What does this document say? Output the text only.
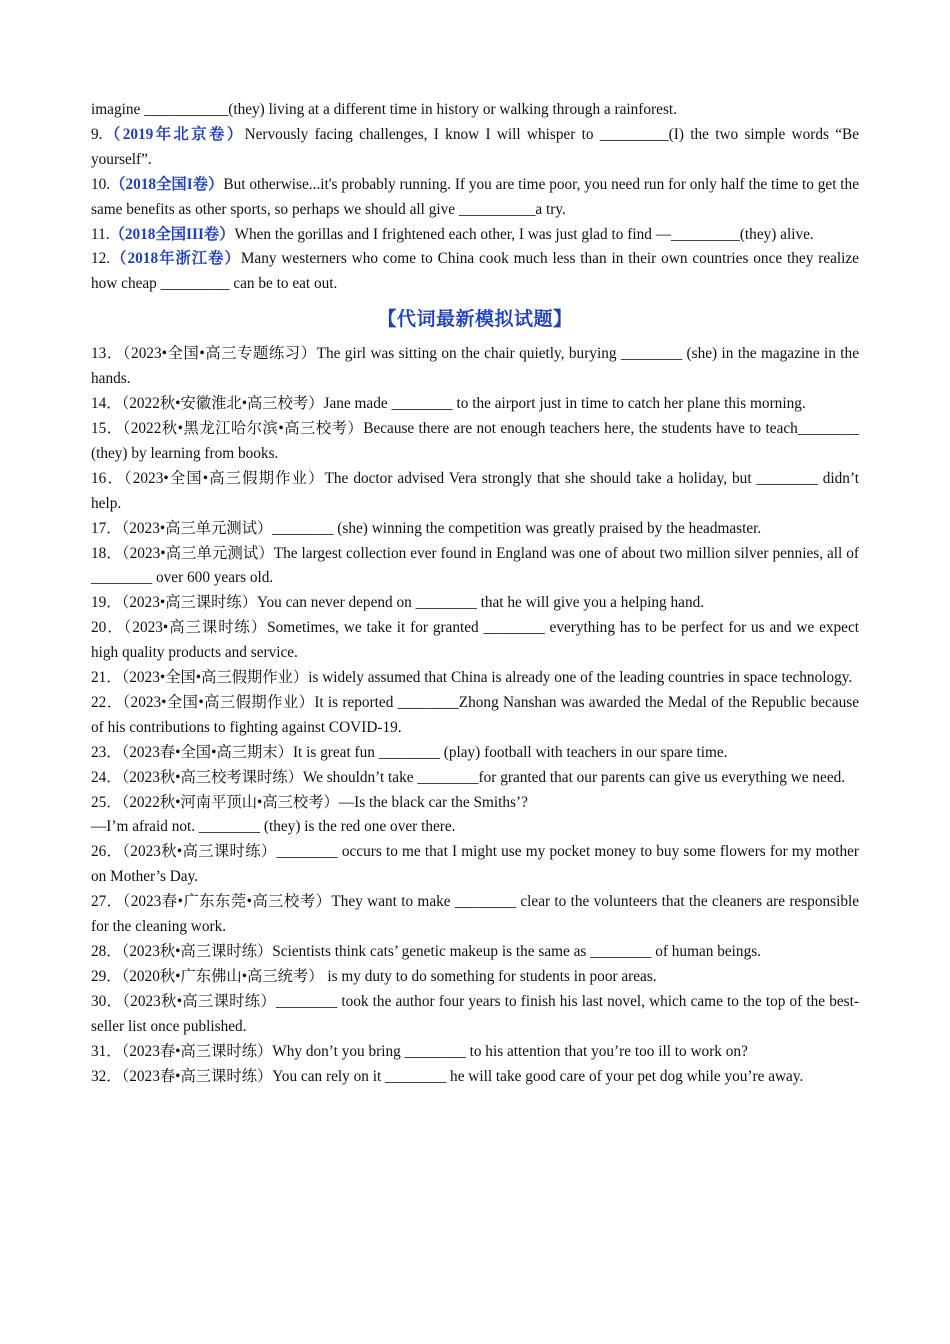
imagine ___________(they) living at a different time in history or walking through a rainforest.

9.（2019年北京卷）Nervously facing challenges, I know I will whisper to _________(I) the two simple words “Be yourself”.

10.（2018全国I卷）But otherwise...it's probably running. If you are time poor, you need run for only half the time to get the same benefits as other sports, so perhaps we should all give __________a try.

11.（2018全国III卷）When the gorillas and I frightened each other, I was just glad to find —_________(they) alive.

12.（2018年浙江卷）Many westerners who come to China cook much less than in their own countries once they realize how cheap _________ can be to eat out.

【代词最新模拟试题】

13．（2023•全国•高三专题练习）The girl was sitting on the chair quietly, burying ________ (she) in the magazine in the hands.

14．（2022秋•安徽淮北•高三校考）Jane made ________ to the airport just in time to catch her plane this morning.

15．（2022秋•黑龙江哈尔滨•高三校考）Because there are not enough teachers here, the students have to teach________ (they) by learning from books.

16．（2023•全国•高三假期作业）The doctor advised Vera strongly that she should take a holiday, but ________ didn’t help.

17．（2023•高三单元测试）________ (she) winning the competition was greatly praised by the headmaster.

18．（2023•高三单元测试）The largest collection ever found in England was one of about two million silver pennies, all of ________ over 600 years old.

19．（2023•高三课时练）You can never depend on ________ that he will give you a helping hand.

20．（2023•高三课时练）Sometimes, we take it for granted ________ everything has to be perfect for us and we expect high quality products and service.

21．（2023•全国•高三假期作业）is widely assumed that China is already one of the leading countries in space technology.

22．（2023•全国•高三假期作业）It is reported ________Zhong Nanshan was awarded the Medal of the Republic because of his contributions to fighting against COVID-19.

23．（2023春•全国•高三期末）It is great fun ________ (play) football with teachers in our spare time.

24．（2023秋•高三校考课时练）We shouldn’t take ________for granted that our parents can give us everything we need.

25．（2022秋•河南平顶山•高三校考）—Is the black car the Smiths’?

—I’m afraid not. ________ (they) is the red one over there.

26．（2023秋•高三课时练）________ occurs to me that I might use my pocket money to buy some flowers for my mother on Mother’s Day.

27．（2023春•广东东莞•高三校考）They want to make ________ clear to the volunteers that the cleaners are responsible for the cleaning work.

28．（2023秋•高三课时练）Scientists think cats’ genetic makeup is the same as ________ of human beings.

29．（2020秋•广东佛山•高三统考） is my duty to do something for students in poor areas.

30．（2023秋•高三课时练）________ took the author four years to finish his last novel, which came to the top of the best-seller list once published.

31．（2023春•高三课时练）Why don’t you bring ________ to his attention that you’re too ill to work on?

32．（2023春•高三课时练）You can rely on it ________ he will take good care of your pet dog while you’re away.
